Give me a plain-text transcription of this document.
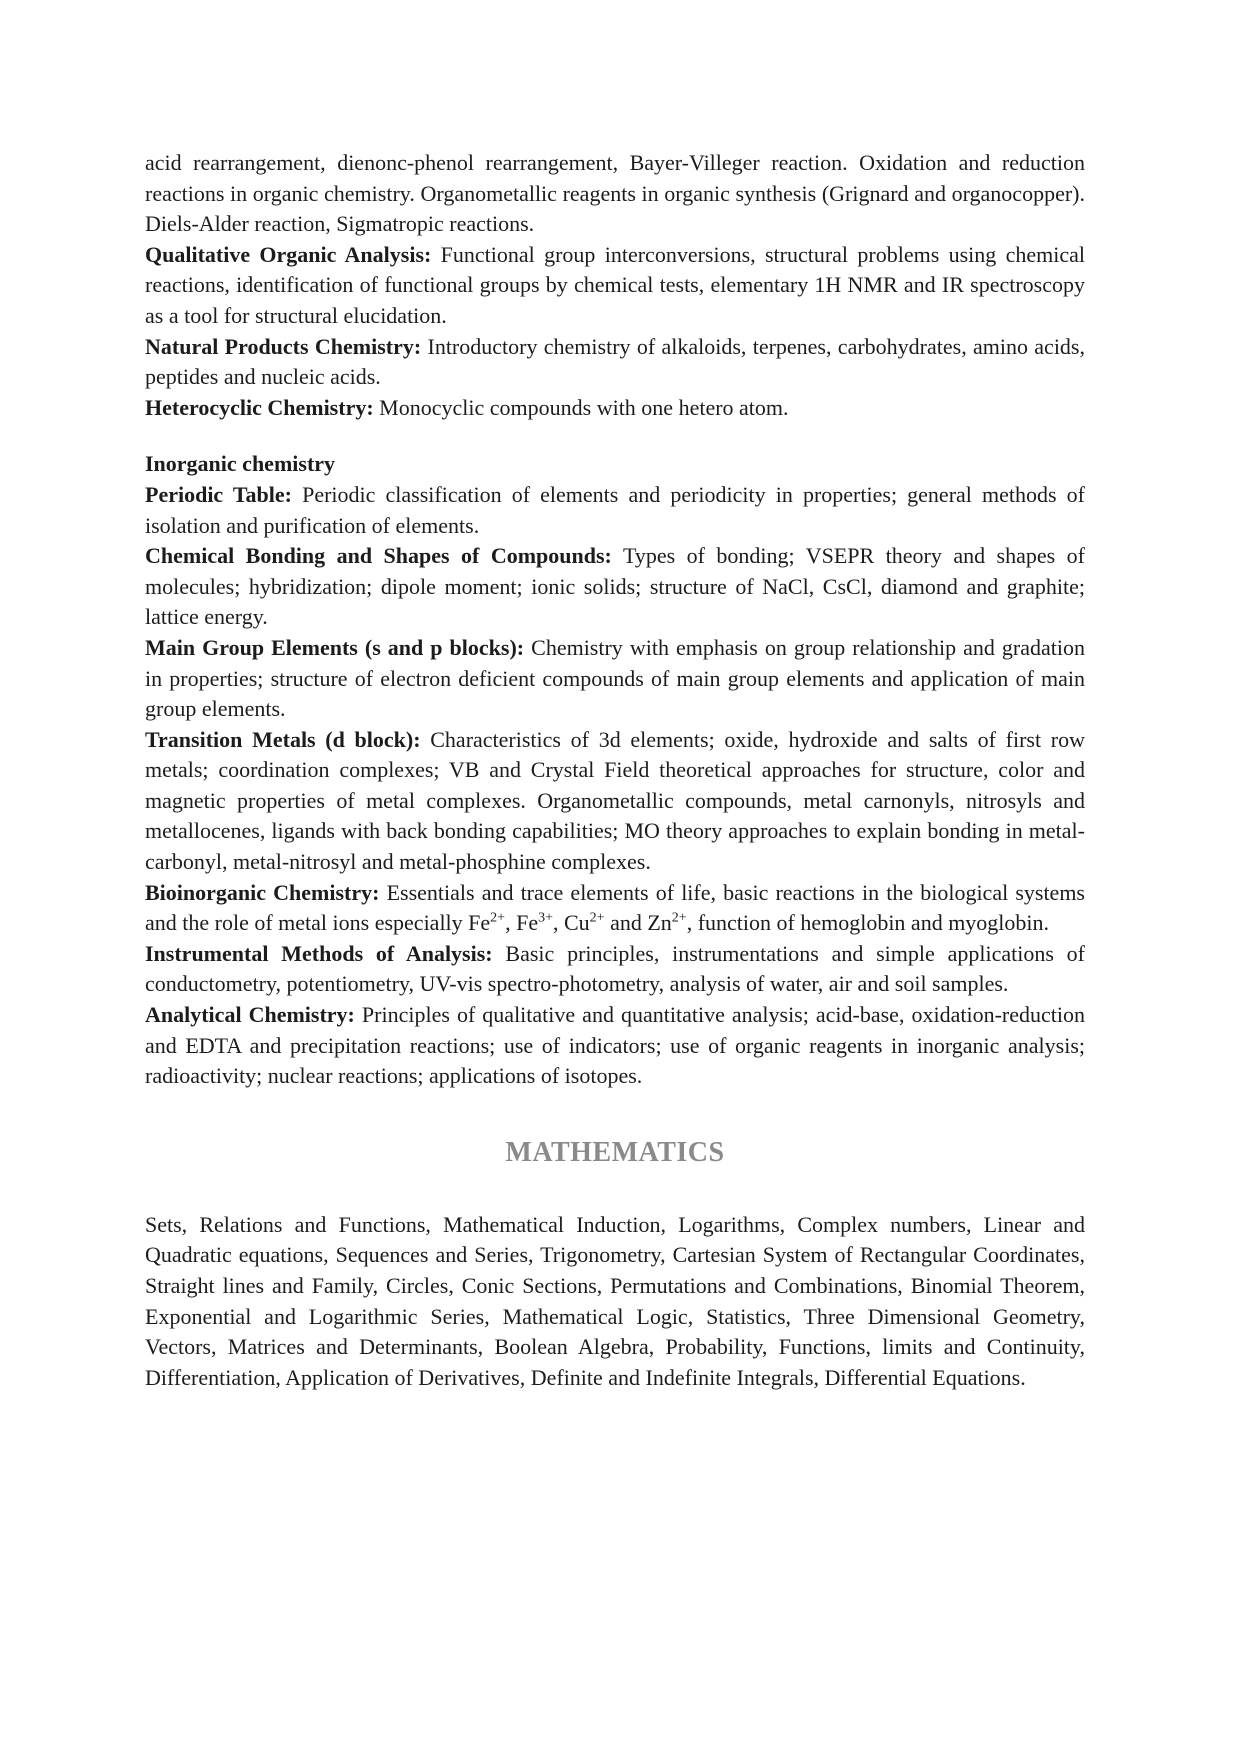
acid rearrangement, dienonc-phenol rearrangement, Bayer-Villeger reaction. Oxidation and reduction reactions in organic chemistry. Organometallic reagents in organic synthesis (Grignard and organocopper). Diels-Alder reaction, Sigmatropic reactions.

Qualitative Organic Analysis: Functional group interconversions, structural problems using chemical reactions, identification of functional groups by chemical tests, elementary 1H NMR and IR spectroscopy as a tool for structural elucidation.

Natural Products Chemistry: Introductory chemistry of alkaloids, terpenes, carbohydrates, amino acids, peptides and nucleic acids.

Heterocyclic Chemistry: Monocyclic compounds with one hetero atom.

Inorganic chemistry

Periodic Table: Periodic classification of elements and periodicity in properties; general methods of isolation and purification of elements.

Chemical Bonding and Shapes of Compounds: Types of bonding; VSEPR theory and shapes of molecules; hybridization; dipole moment; ionic solids; structure of NaCl, CsCl, diamond and graphite; lattice energy.

Main Group Elements (s and p blocks): Chemistry with emphasis on group relationship and gradation in properties; structure of electron deficient compounds of main group elements and application of main group elements.

Transition Metals (d block): Characteristics of 3d elements; oxide, hydroxide and salts of first row metals; coordination complexes; VB and Crystal Field theoretical approaches for structure, color and magnetic properties of metal complexes. Organometallic compounds, metal carnonyls, nitrosyls and metallocenes, ligands with back bonding capabilities; MO theory approaches to explain bonding in metal-carbonyl, metal-nitrosyl and metal-phosphine complexes.

Bioinorganic Chemistry: Essentials and trace elements of life, basic reactions in the biological systems and the role of metal ions especially $Fe^{2+}$, $Fe^{3+}$, $Cu^{2+}$ and $Zn^{2+}$, function of hemoglobin and myoglobin.

Instrumental Methods of Analysis: Basic principles, instrumentations and simple applications of conductometry, potentiometry, UV-vis spectro-photometry, analysis of water, air and soil samples.

Analytical Chemistry: Principles of qualitative and quantitative analysis; acid-base, oxidation-reduction and EDTA and precipitation reactions; use of indicators; use of organic reagents in inorganic analysis; radioactivity; nuclear reactions; applications of isotopes.

MATHEMATICS

Sets, Relations and Functions, Mathematical Induction, Logarithms, Complex numbers, Linear and Quadratic equations, Sequences and Series, Trigonometry, Cartesian System of Rectangular Coordinates, Straight lines and Family, Circles, Conic Sections, Permutations and Combinations, Binomial Theorem, Exponential and Logarithmic Series, Mathematical Logic, Statistics, Three Dimensional Geometry, Vectors, Matrices and Determinants, Boolean Algebra, Probability, Functions, limits and Continuity, Differentiation, Application of Derivatives, Definite and Indefinite Integrals, Differential Equations.
